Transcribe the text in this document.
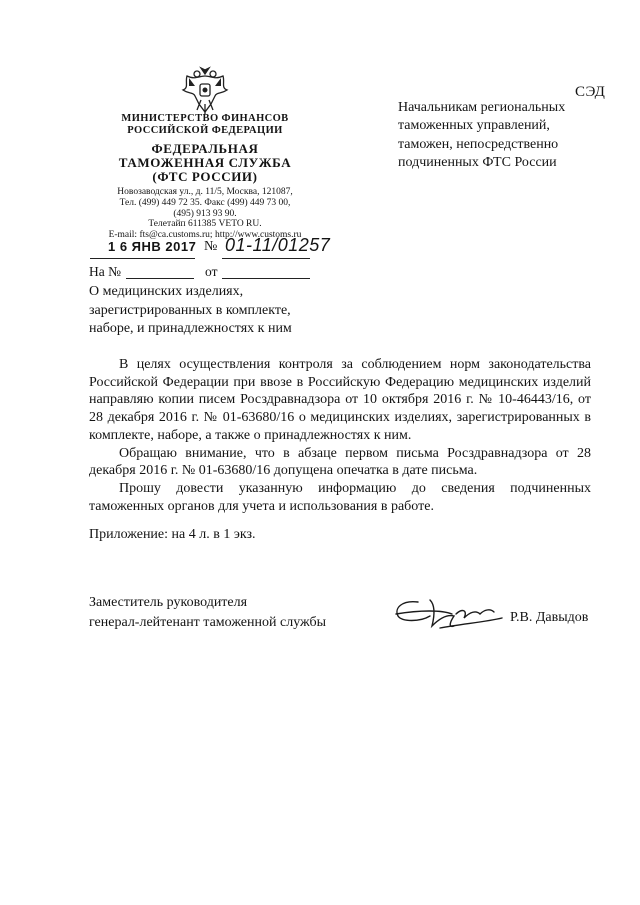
МИНИСТЕРСТВО ФИНАНСОВ
РОССИЙСКОЙ ФЕДЕРАЦИИ
ФЕДЕРАЛЬНАЯ
ТАМОЖЕННАЯ СЛУЖБА
(ФТС РОССИИ)
Новозаводская ул., д. 11/5, Москва, 121087,
Тел. (499) 449 72 35. Факс (499) 449 73 00,
(495) 913 93 90.
Телетайп 611385 VETO RU.
E-mail: fts@ca.customs.ru; http://www.customs.ru
1 6 ЯНВ 2017 № 01-11/01257
На №	от
О медицинских изделиях,
зарегистрированных в комплекте,
наборе, и принадлежностях к ним
СЭД
Начальникам региональных
таможенных управлений,
таможен, непосредственно
подчиненных ФТС России

В целях осуществления контроля за соблюдением норм законодательства Российской Федерации при ввозе в Российскую Федерацию медицинских изделий направляю копии писем Росздравнадзора от 10 октября 2016 г. № 10-46443/16, от 28 декабря 2016 г. № 01-63680/16 о медицинских изделиях, зарегистрированных в комплекте, наборе, а также о принадлежностях к ним.

Обращаю внимание, что в абзаце первом письма Росздравнадзора от 28 декабря 2016 г. № 01-63680/16 допущена опечатка в дате письма.

Прошу довести указанную информацию до сведения подчиненных таможенных органов для учета и использования в работе.

Приложение: на 4 л. в 1 экз.
Заместитель руководителя
генерал-лейтенант таможенной службы	Р.В. Давыдов
